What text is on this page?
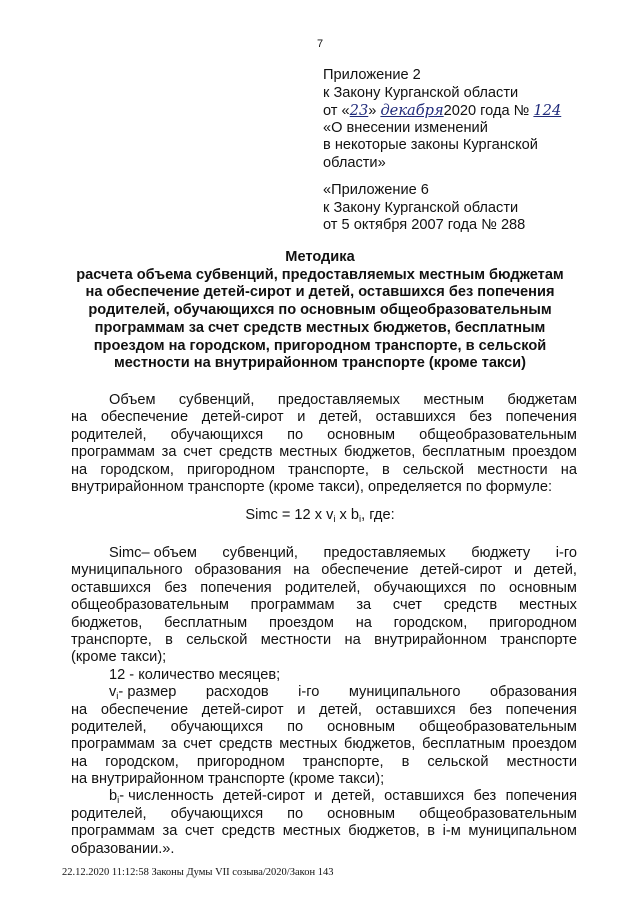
7
Приложение 2
к Закону Курганской области
от «23» декабря2020 года № 124
«О внесении изменений
в некоторые законы Курганской
области»
«Приложение 6
к Закону Курганской области
от 5 октября 2007 года № 288
Методика
расчета объема субвенций, предоставляемых местным бюджетам
на обеспечение детей-сирот и детей, оставшихся без попечения
родителей, обучающихся по основным общеобразовательным
программам за счет средств местных бюджетов, бесплатным
проездом на городском, пригородном транспорте, в сельской
местности на внутрирайонном транспорте (кроме такси)
Объем субвенций, предоставляемых местным бюджетам
на обеспечение детей-сирот и детей, оставшихся без попечения
родителей, обучающихся по основным общеобразовательным
программам за счет средств местных бюджетов, бесплатным проездом
на городском, пригородном транспорте, в сельской местности на
внутрирайонном транспорте (кроме такси), определяется по формуле:
Simc = 12 x $v_i$ x $b_i$, где:
Simc– объем субвенций, предоставляемых бюджету i-го
муниципального образования на обеспечение детей-сирот и детей,
оставшихся без попечения родителей, обучающихся по основным
общеобразовательным программам за счет средств местных
бюджетов, бесплатным проездом на городском, пригородном
транспорте, в сельской местности на внутрирайонном транспорте
(кроме такси);
12 - количество месяцев;
$v_i-$ размер расходов i-го муниципального образования
на обеспечение детей-сирот и детей, оставшихся без попечения
родителей, обучающихся по основным общеобразовательным
программам за счет средств местных бюджетов, бесплатным проездом
на городском, пригородном транспорте, в сельской местности
на внутрирайонном транспорте (кроме такси);
$b_i-$ численность детей-сирот и детей, оставшихся без попечения
родителей, обучающихся по основным общеобразовательным
программам за счет средств местных бюджетов, в i-м муниципальном
образовании.».
22.12.2020 11:12:58 Законы Думы VII созыва/2020/Закон 143
